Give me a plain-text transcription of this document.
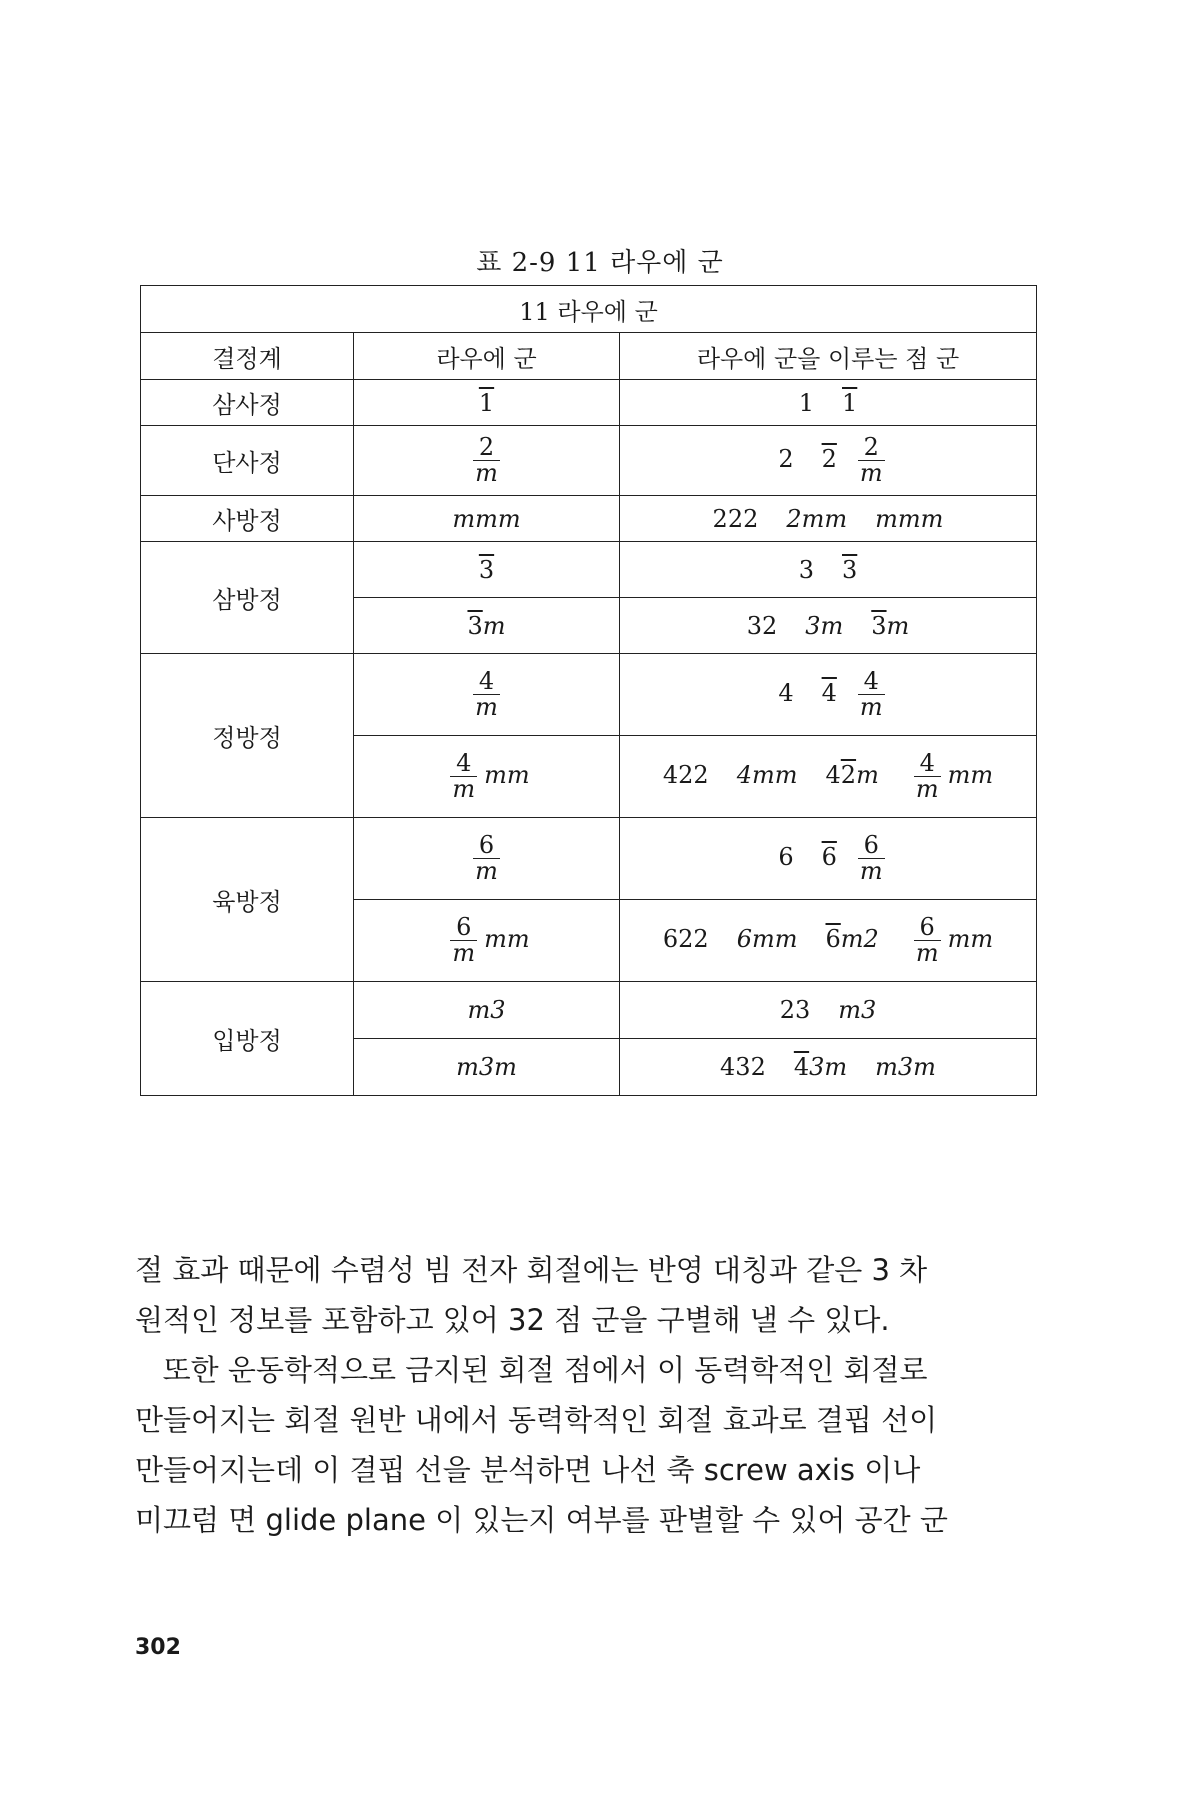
표 2-9 11 라우에 군
11 라우에 군		
결정계	라우에 군	라우에 군을 이루는 점 군
삼사정	1	1 1
단사정	$\frac{2}{m}$	2 $2 \frac{2}{m}$

사방정	mmm	222 2mm mmm
삼방정	3	3 3
	3m	32 3m 3m
정방정	$\frac{4}{m}$	4 $4 \frac{4}{m}$

	$\frac{4}{m}$ mm	422 4mm $42m \frac{4}{m}$ mm
육방정	$\frac{6}{m}$	6 $6 \frac{6}{m}$

	$\frac{6}{m}$ mm	622 6mm $6m2 \frac{6}{m}$ mm
입방정	m3	23 m3
	m3m	432 43m m3m
절 효과 때문에 수렴성 빔 전자 회절에는 반영 대칭과 같은 3 차
원적인 정보를 포함하고 있어 32 점 군을 구별해 낼 수 있다.
또한 운동학적으로 금지된 회절 점에서 이 동력학적인 회절로
만들어지는 회절 원반 내에서 동력학적인 회절 효과로 결핍 선이
만들어지는데 이 결핍 선을 분석하면 나선 축 screw axis 이나
미끄럼 면 glide plane 이 있는지 여부를 판별할 수 있어 공간 군
302
